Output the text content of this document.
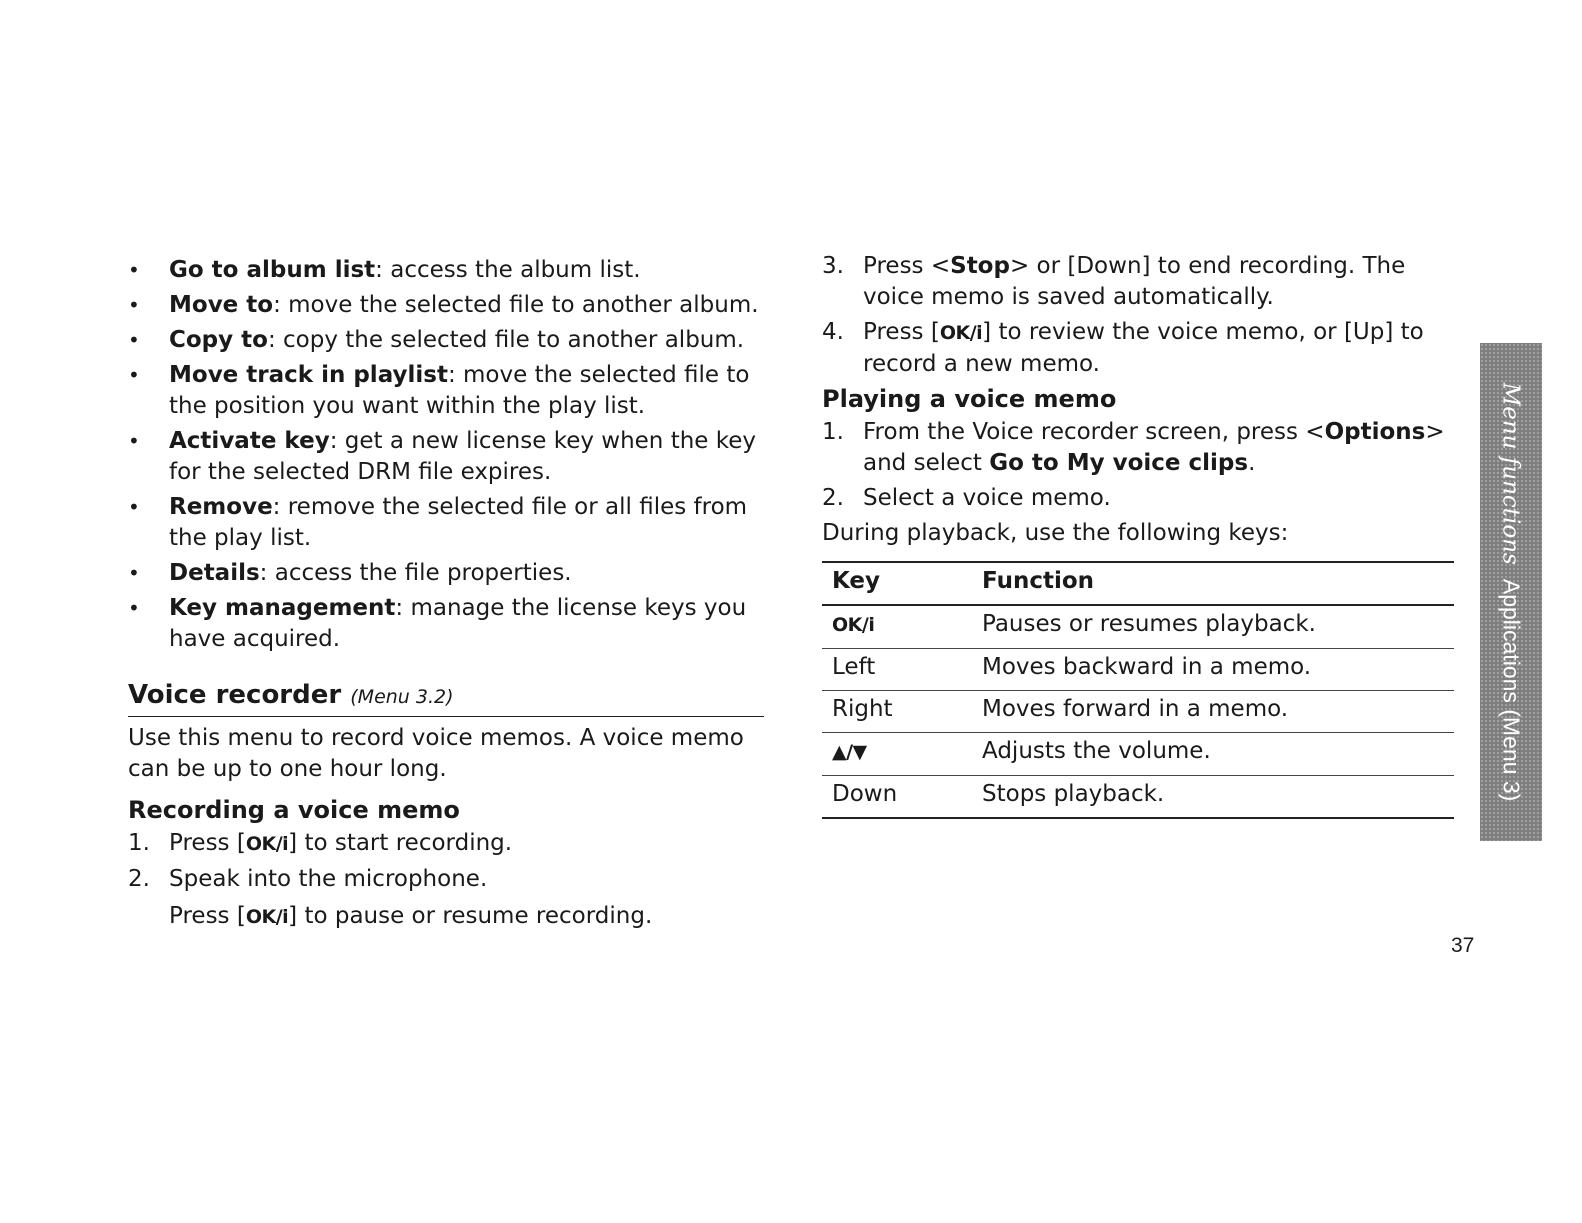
• Go to album list: access the album list.
• Move to: move the selected file to another album.
• Copy to: copy the selected file to another album.
• Move track in playlist: move the selected file to the position you want within the play list.
• Activate key: get a new license key when the key for the selected DRM file expires.
• Remove: remove the selected file or all files from the play list.
• Details: access the file properties.
• Key management: manage the license keys you have acquired.
Voice recorder (Menu 3.2)
Use this menu to record voice memos. A voice memo can be up to one hour long.
Recording a voice memo
1. Press [OK/i] to start recording.
2. Speak into the microphone.
Press [OK/i] to pause or resume recording.
3. Press <Stop> or [Down] to end recording. The voice memo is saved automatically.
4. Press [OK/i] to review the voice memo, or [Up] to record a new memo.
Playing a voice memo
1. From the Voice recorder screen, press <Options> and select Go to My voice clips.
2. Select a voice memo.
During playback, use the following keys:
Key	Function
OK/i	Pauses or resumes playback.
Left	Moves backward in a memo.
Right	Moves forward in a memo.
▲/▼	Adjusts the volume.
Down	Stops playback.
Menu functionsApplications (Menu 3)
37
